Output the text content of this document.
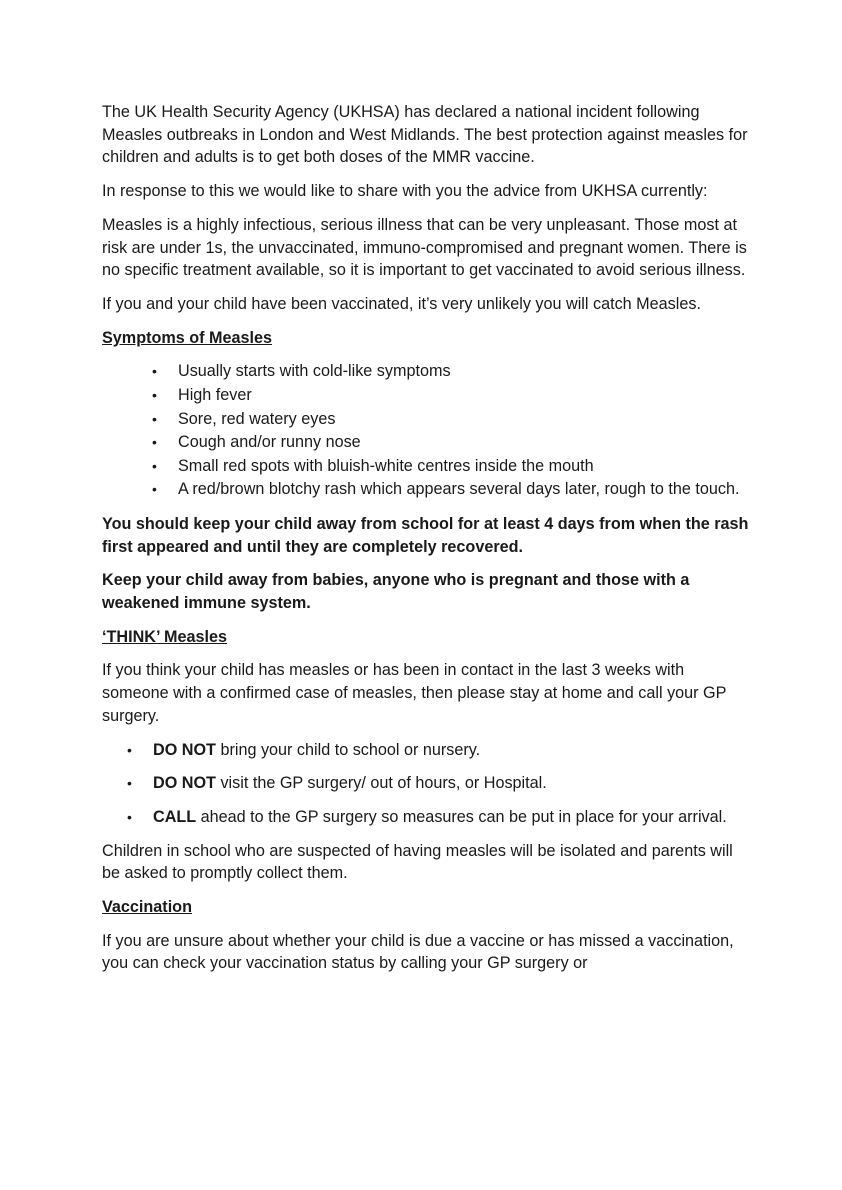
The UK Health Security Agency (UKHSA) has declared a national incident following Measles outbreaks in London and West Midlands. The best protection against measles for children and adults is to get both doses of the MMR vaccine.

In response to this we would like to share with you the advice from UKHSA currently:

Measles is a highly infectious, serious illness that can be very unpleasant. Those most at risk are under 1s, the unvaccinated, immuno-compromised and pregnant women. There is no specific treatment available, so it is important to get vaccinated to avoid serious illness.

If you and your child have been vaccinated, it’s very unlikely you will catch Measles.

Symptoms of Measles
• Usually starts with cold-like symptoms
• High fever
• Sore, red watery eyes
• Cough and/or runny nose
• Small red spots with bluish-white centres inside the mouth
• A red/brown blotchy rash which appears several days later, rough to the touch.

You should keep your child away from school for at least 4 days from when the rash first appeared and until they are completely recovered.

Keep your child away from babies, anyone who is pregnant and those with a weakened immune system.

‘THINK’ Measles

If you think your child has measles or has been in contact in the last 3 weeks with someone with a confirmed case of measles, then please stay at home and call your GP surgery.

• DO NOT bring your child to school or nursery.
• DO NOT visit the GP surgery/ out of hours, or Hospital.
• CALL ahead to the GP surgery so measures can be put in place for your arrival.

Children in school who are suspected of having measles will be isolated and parents will be asked to promptly collect them.

Vaccination

If you are unsure about whether your child is due a vaccine or has missed a vaccination, you can check your vaccination status by calling your GP surgery or
